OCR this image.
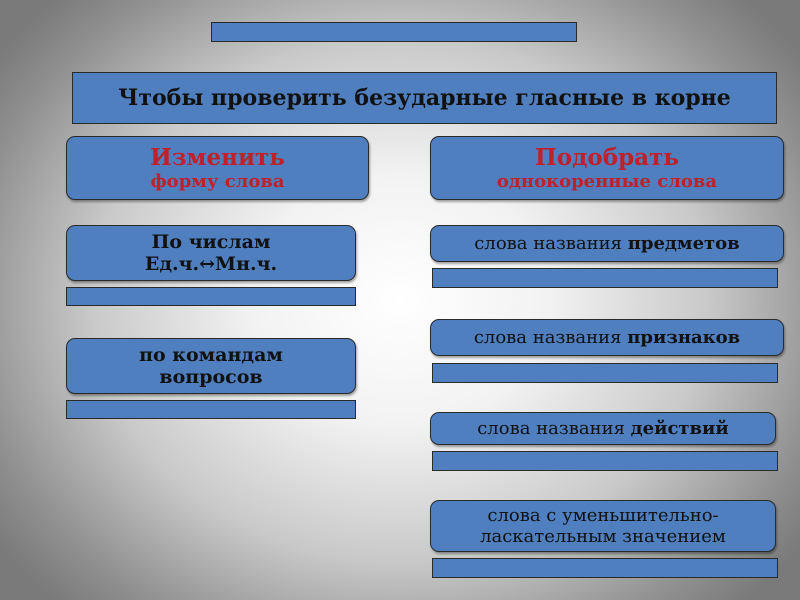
Чтобы проверить безударные гласные в корне
Изменить
форму слова
Подобрать
однокоренные слова
По числам
Ед.ч.↔Мн.ч.
по командам
вопросов
слова названия предметов
слова названия признаков
слова названия действий
слова с уменьшительно-
ласкательным значением
